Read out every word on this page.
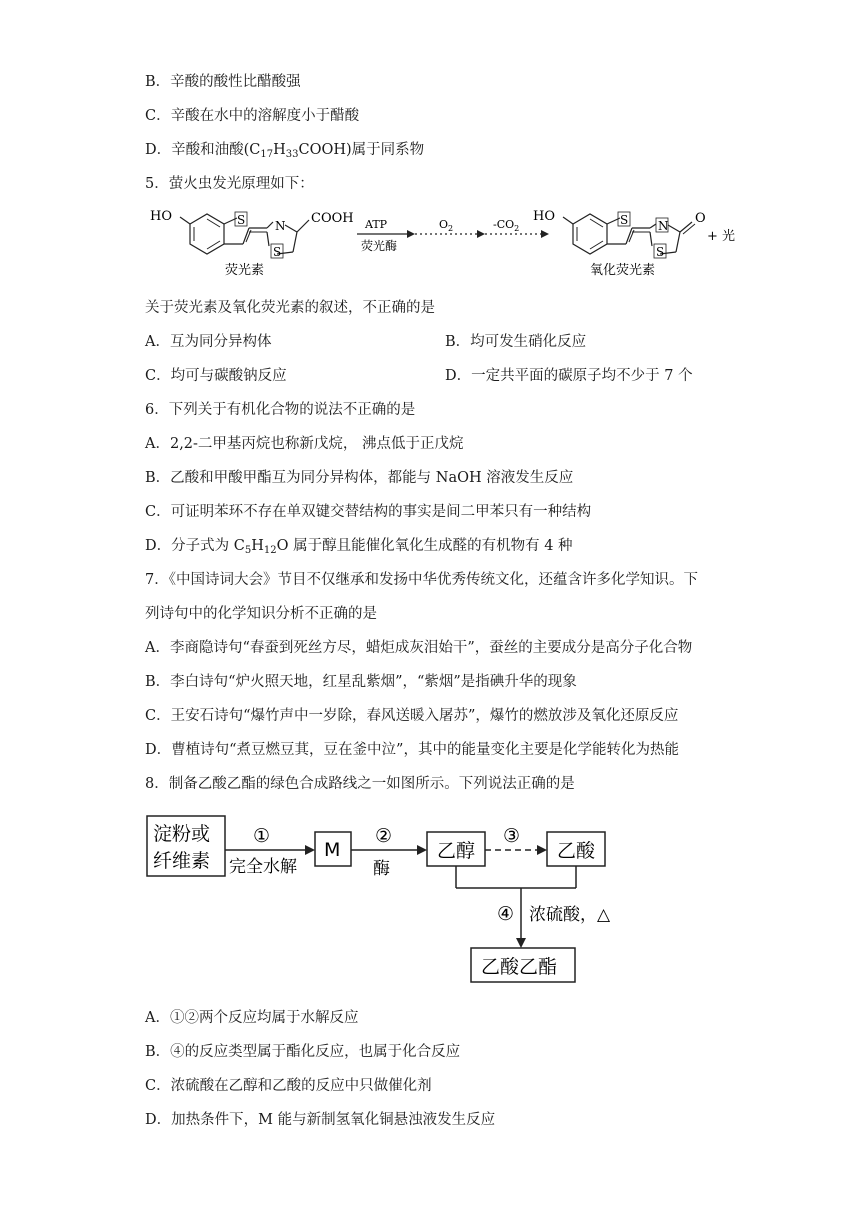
B．辛酸的酸性比醋酸强
C．辛酸在水中的溶解度小于醋酸
D．辛酸和油酸$(C_{17}H_{33}COOH)$属于同系物
5．萤火虫发光原理如下：
HO	S N
S
COOH
荧光素
ATP
荧光酶
$O_2$	$-CO_2$
HO	S N
S
O
+ 光
氧化荧光素
关于荧光素及氧化荧光素的叙述，不正确的是
A．互为同分异构体	B．均可发生硝化反应
C．均可与碳酸钠反应	D．一定共平面的碳原子均不少于 7 个
6．下列关于有机化合物的说法不正确的是
A．2,2-二甲基丙烷也称新戊烷， 沸点低于正戊烷
B．乙酸和甲酸甲酯互为同分异构体，都能与 NaOH 溶液发生反应
C．可证明苯环不存在单双键交替结构的事实是间二甲苯只有一种结构
D．分子式为 $C_5H_{12}O$ 属于醇且能催化氧化生成醛的有机物有 4 种
7．《中国诗词大会》节目不仅继承和发扬中华优秀传统文化，还蕴含许多化学知识。下
列诗句中的化学知识分析不正确的是
A．李商隐诗句“春蚕到死丝方尽，蜡炬成灰泪始干”，蚕丝的主要成分是高分子化合物
B．李白诗句“炉火照天地，红星乱紫烟”，“紫烟”是指碘升华的现象
C．王安石诗句“爆竹声中一岁除，春风送暖入屠苏”，爆竹的燃放涉及氧化还原反应
D．曹植诗句“煮豆燃豆萁，豆在釜中泣”，其中的能量变化主要是化学能转化为热能
8．制备乙酸乙酯的绿色合成路线之一如图所示。下列说法正确的是
淀粉或
纤维素
①
完全水解
M
②
酶
乙醇
③
乙酸
④ 浓硫酸，△
乙酸乙酯
A．①②两个反应均属于水解反应
B．④的反应类型属于酯化反应，也属于化合反应
C．浓硫酸在乙醇和乙酸的反应中只做催化剂
D．加热条件下，M 能与新制氢氧化铜悬浊液发生反应
